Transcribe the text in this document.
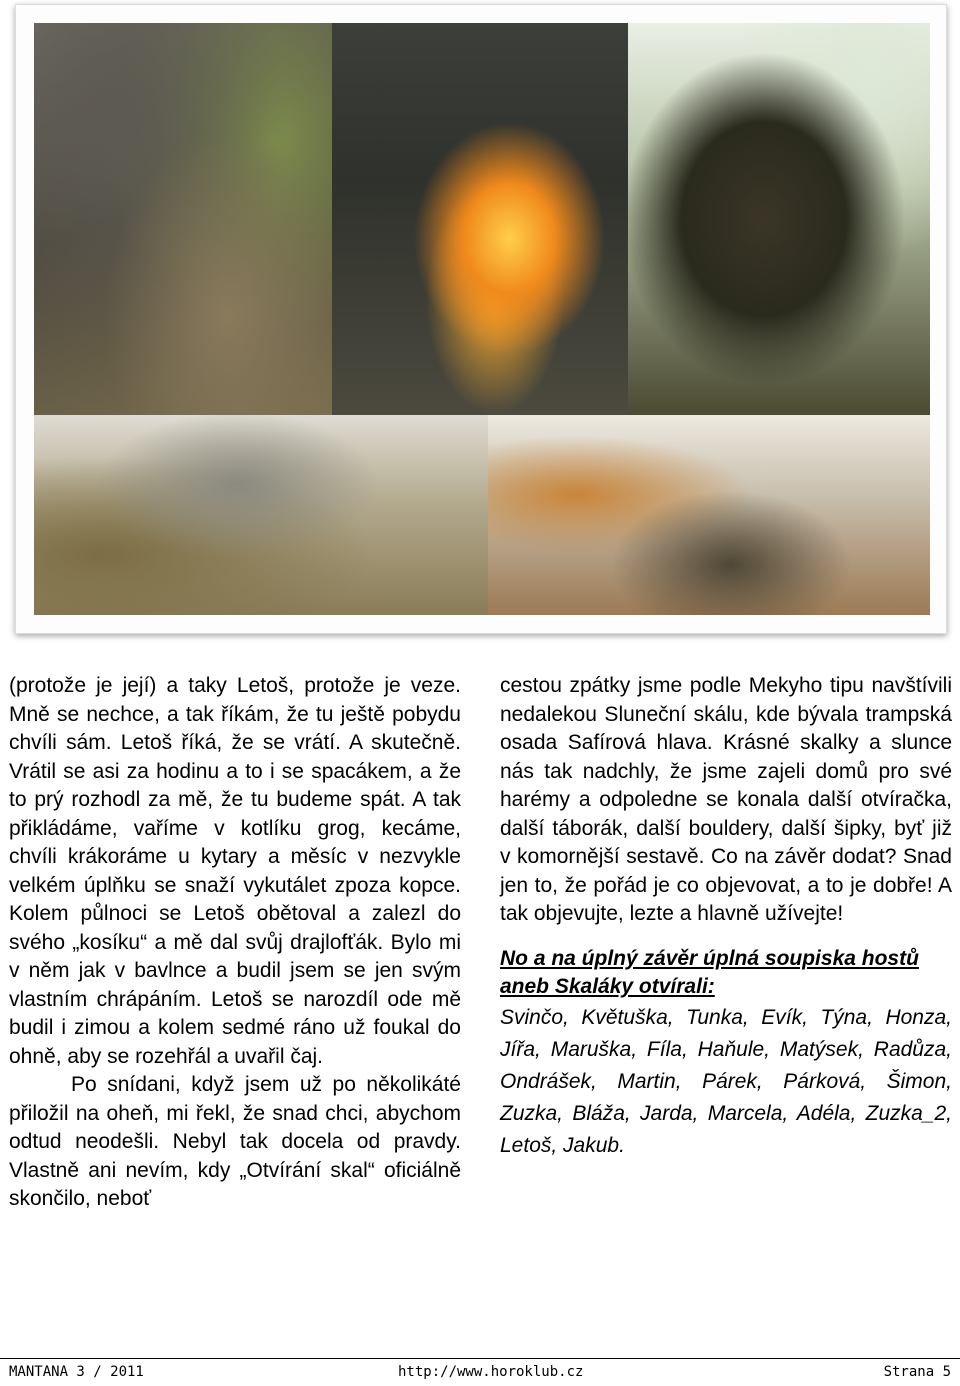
(protože je její) a taky Letoš, protože je veze. Mně se nechce, a tak říkám, že tu ještě pobydu chvíli sám. Letoš říká, že se vrátí. A skutečně. Vrátil se asi za hodinu a to i se spacákem, a že to prý rozhodl za mě, že tu budeme spát. A tak přikládáme, vaříme v kotlíku grog, kecáme, chvíli krákoráme u kytary a měsíc v nezvykle velkém úplňku se snaží vykutálet zpoza kopce. Kolem půlnoci se Letoš obětoval a zalezl do svého „kosíku“ a mě dal svůj drajlofťák. Bylo mi v něm jak v bavlnce a budil jsem se jen svým vlastním chrápáním. Letoš se narozdíl ode mě budil i zimou a kolem sedmé ráno už foukal do ohně, aby se rozehřál a uvařil čaj.

Po snídani, když jsem už po několikáté přiložil na oheň, mi řekl, že snad chci, abychom odtud neodešli. Nebyl tak docela od pravdy. Vlastně ani nevím, kdy „Otvírání skal“ oficiálně skončilo, neboť

cestou zpátky jsme podle Mekyho tipu navštívili nedalekou Sluneční skálu, kde bývala trampská osada Safírová hlava. Krásné skalky a slunce nás tak nadchly, že jsme zajeli domů pro své harémy a odpoledne se konala další otvíračka, další táborák, další bouldery, další šipky, byť již v komornější sestavě. Co na závěr dodat? Snad jen to, že pořád je co objevovat, a to je dobře! A tak objevujte, lezte a hlavně užívejte!

No a na úplný závěr úplná soupiska hostů aneb Skaláky otvírali:

Svinčo, Květuška, Tunka, Evík, Týna, Honza, Jířa, Maruška, Fíla, Haňule, Matýsek, Radůza, Ondrášek, Martin, Párek, Párková, Šimon, Zuzka, Bláža, Jarda, Marcela, Adéla, Zuzka_2, Letoš, Jakub.

MANTANA 3 / 2011	http://www.horoklub.cz	Strana 5
